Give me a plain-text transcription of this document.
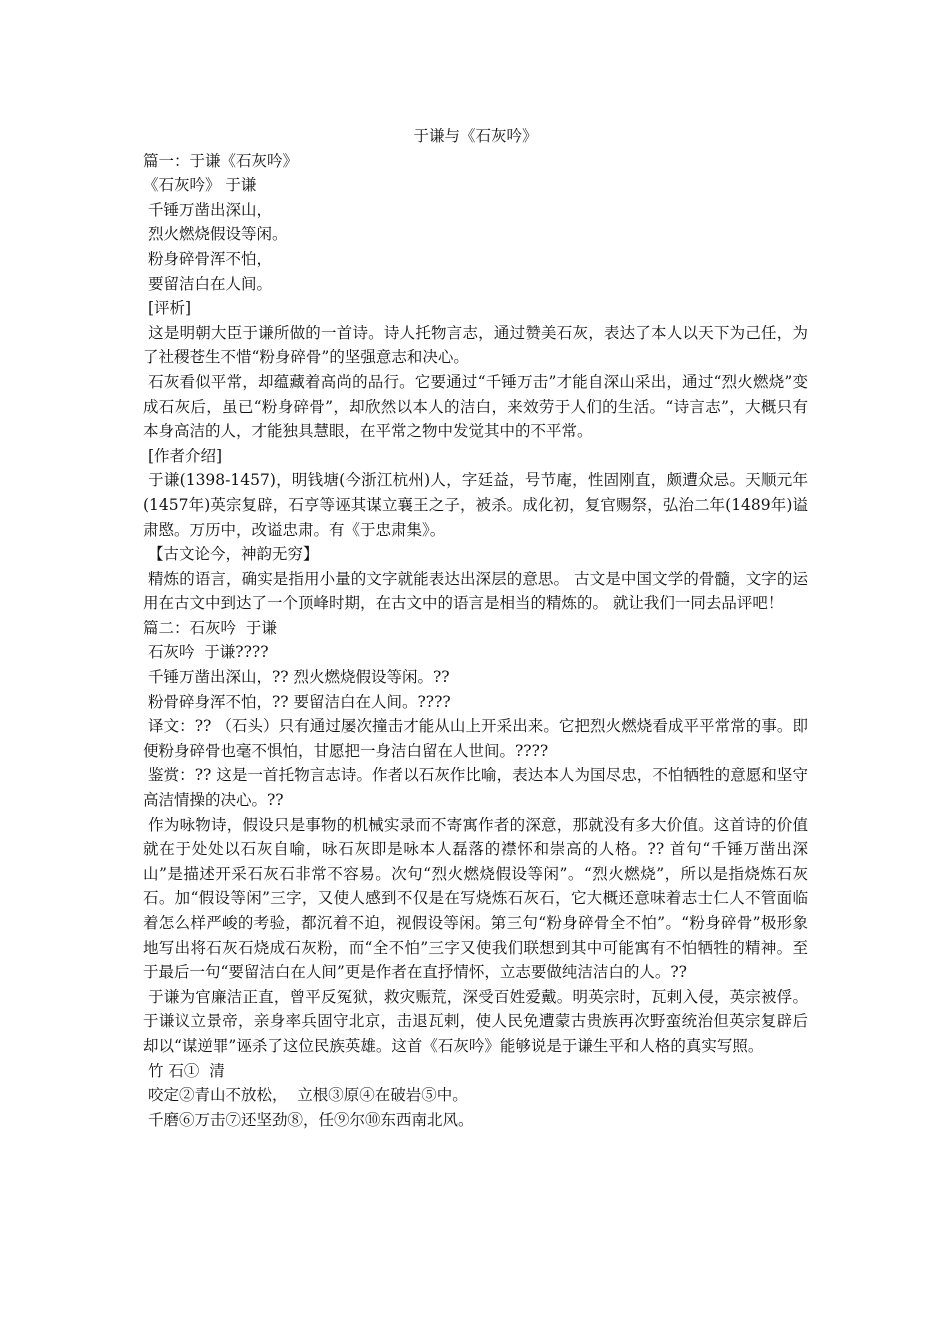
于谦与《石灰吟》

篇一：于谦《石灰吟》

《石灰吟》 于谦

千锤万凿出深山，

烈火燃烧假设等闲。

粉身碎骨浑不怕，

要留洁白在人间。

[评析]

这是明朝大臣于谦所做的一首诗。诗人托物言志，通过赞美石灰，表达了本人以天下为己任，为了社稷苍生不惜“粉身碎骨”的坚强意志和决心。

石灰看似平常，却蕴藏着高尚的品行。它要通过“千锤万击”才能自深山采出，通过“烈火燃烧”变成石灰后，虽已“粉身碎骨”，却欣然以本人的洁白，来效劳于人们的生活。“诗言志”，大概只有本身高洁的人，才能独具慧眼，在平常之物中发觉其中的不平常。

[作者介绍]

于谦(1398-1457)，明钱塘(今浙江杭州)人，字廷益，号节庵，性固刚直，颇遭众忌。天顺元年(1457年)英宗复辟，石亨等诬其谋立襄王之子，被杀。成化初，复官赐祭，弘治二年(1489年)谥肃愍。万历中，改谥忠肃。有《于忠肃集》。

【古文论今，神韵无穷】

精炼的语言，确实是指用小量的文字就能表达出深层的意思。 古文是中国文学的骨髓，文字的运用在古文中到达了一个顶峰时期，在古文中的语言是相当的精炼的。 就让我们一同去品评吧！

篇二：石灰吟  于谦

石灰吟  于谦????

千锤万凿出深山，?? 烈火燃烧假设等闲。??

粉骨碎身浑不怕，?? 要留洁白在人间。????

译文：?? （石头）只有通过屡次撞击才能从山上开采出来。它把烈火燃烧看成平平常常的事。即便粉身碎骨也毫不惧怕，甘愿把一身洁白留在人世间。????

鉴赏：?? 这是一首托物言志诗。作者以石灰作比喻，表达本人为国尽忠，不怕牺牲的意愿和坚守高洁情操的决心。??

作为咏物诗，假设只是事物的机械实录而不寄寓作者的深意，那就没有多大价值。这首诗的价值就在于处处以石灰自喻，咏石灰即是咏本人磊落的襟怀和崇高的人格。?? 首句“千锤万凿出深山”是描述开采石灰石非常不容易。次句“烈火燃烧假设等闲”。“烈火燃烧”，所以是指烧炼石灰石。加“假设等闲”三字，又使人感到不仅是在写烧炼石灰石，它大概还意味着志士仁人不管面临着怎么样严峻的考验，都沉着不迫，视假设等闲。第三句“粉身碎骨全不怕”。“粉身碎骨”极形象地写出将石灰石烧成石灰粉，而“全不怕”三字又使我们联想到其中可能寓有不怕牺牲的精神。至于最后一句“要留洁白在人间”更是作者在直抒情怀，立志要做纯洁洁白的人。??

于谦为官廉洁正直，曾平反冤狱，救灾赈荒，深受百姓爱戴。明英宗时，瓦剌入侵，英宗被俘。于谦议立景帝，亲身率兵固守北京，击退瓦剌，使人民免遭蒙古贵族再次野蛮统治但英宗复辟后却以“谋逆罪”诬杀了这位民族英雄。这首《石灰吟》能够说是于谦生平和人格的真实写照。

竹 石①  清

咬定②青山不放松，  立根③原④在破岩⑤中。

千磨⑥万击⑦还坚劲⑧，任⑨尔⑩东西南北风。
